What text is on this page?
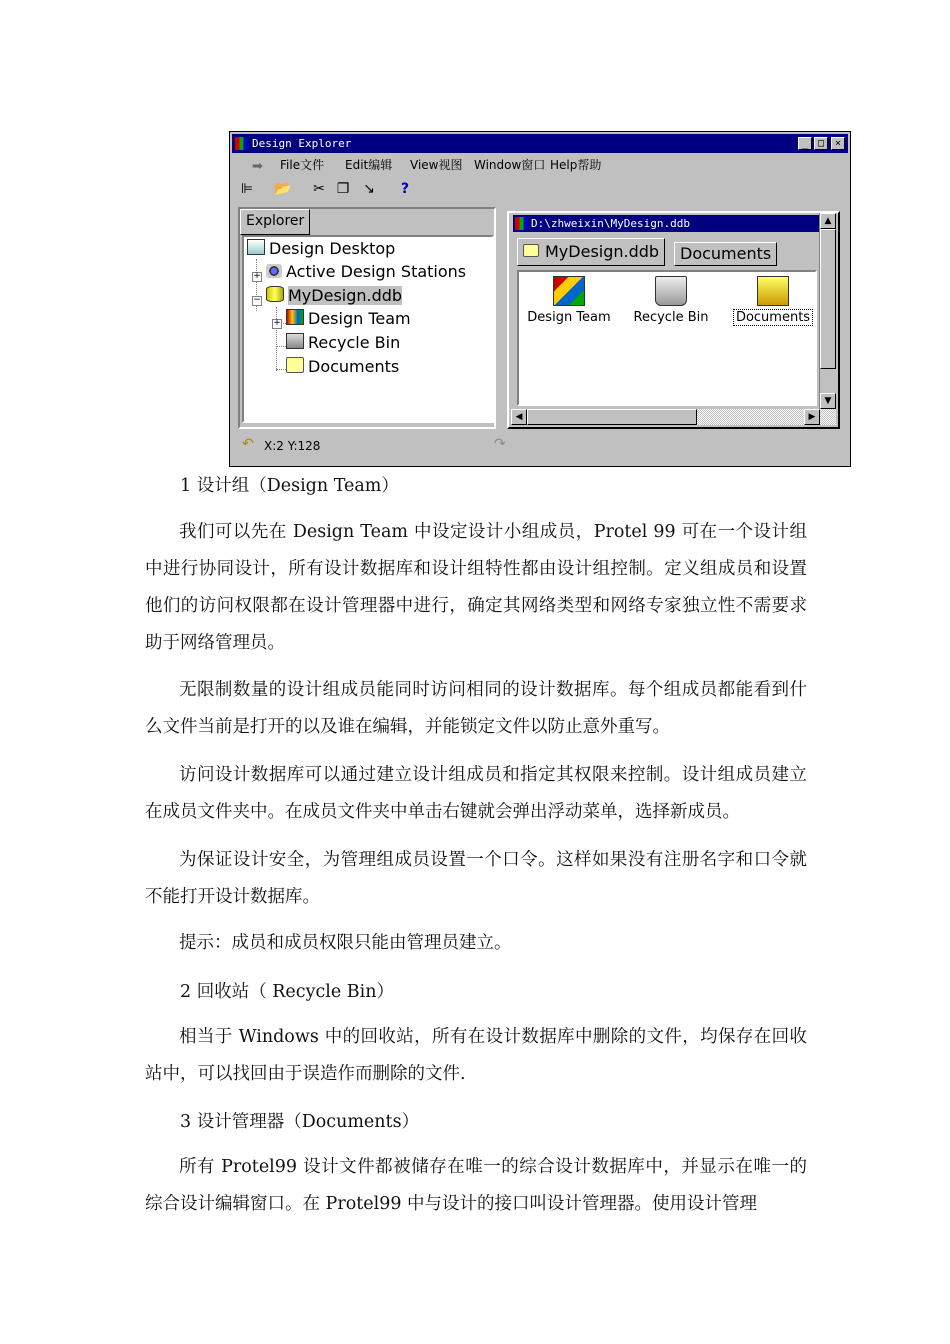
Design Explorer	_ □	×
➡ File文件 Edit编辑 View视图 Window窗口 Help帮助
⊫ 📂 ✂ ❐ ↘	?
Explorer
+
−
+
Design Desktop
Active Design Stations
MyDesign.ddb
Design Team
Recycle Bin
Documents
D:\zhweixin\MyDesign.ddb
MyDesign.ddb	Documents
Design Team	Recycle Bin	Documents
▲
▼
◀	▶
↶ X:2 Y:128	↷

1 设计组（Design Team）

我们可以先在 Design Team 中设定设计小组成员，Protel 99 可在一个设计组中进行协同设计，所有设计数据库和设计组特性都由设计组控制。定义组成员和设置他们的访问权限都在设计管理器中进行，确定其网络类型和网络专家独立性不需要求助于网络管理员。

无限制数量的设计组成员能同时访问相同的设计数据库。每个组成员都能看到什么文件当前是打开的以及谁在编辑，并能锁定文件以防止意外重写。

访问设计数据库可以通过建立设计组成员和指定其权限来控制。设计组成员建立在成员文件夹中。在成员文件夹中单击右键就会弹出浮动菜单，选择新成员。

为保证设计安全，为管理组成员设置一个口令。这样如果没有注册名字和口令就不能打开设计数据库。

提示：成员和成员权限只能由管理员建立。

2 回收站（ Recycle Bin）

相当于 Windows 中的回收站，所有在设计数据库中删除的文件，均保存在回收站中，可以找回由于误造作而删除的文件.

3 设计管理器（Documents）

所有 Protel99 设计文件都被储存在唯一的综合设计数据库中，并显示在唯一的综合设计编辑窗口。在 Protel99 中与设计的接口叫设计管理器。使用设计管理
